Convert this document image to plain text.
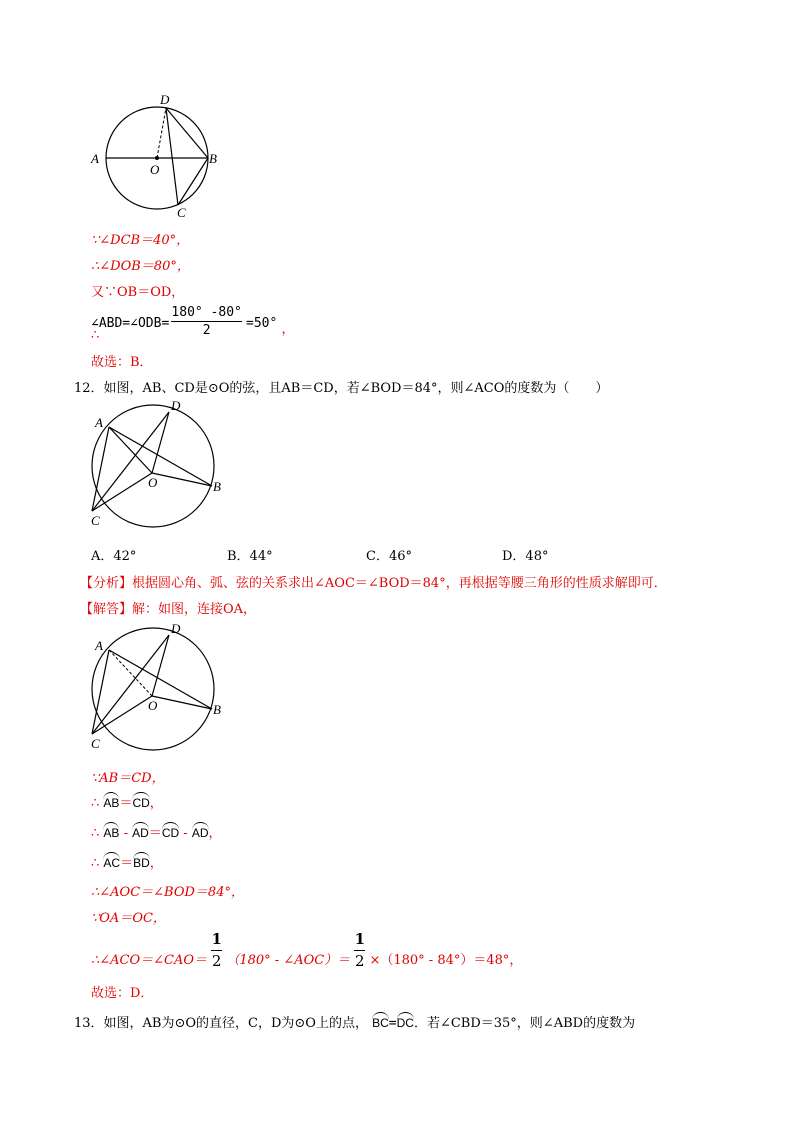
D
A
O
B
C
∵∠DCB＝40°，
∴∠DOB＝80°，
又∵OB＝OD，
∠ABD=∠ODB= $\frac{180^\circ -80^\circ}{2} =50^\circ$ ，
∴
故选：B．
12．如图，AB、CD是⊙O的弦，且AB＝CD，若∠BOD＝84°，则∠ACO的度数为（　　）
A
D
O	B
C
A．42°	B．44°	C．46°	D．48°
【分析】根据圆心角、弧、弦的关系求出∠AOC＝∠BOD＝84°，再根据等腰三角形的性质求解即可．
【解答】解：如图，连接OA，
A
D
O	B
C
∵AB＝CD，
∴ AB＝CD，
∴ AB - AD＝CD - AD，
∴ AC＝BD，
∴∠AOC＝∠BOD＝84°，
∵OA＝OC，
∴∠ACO＝∠CAO＝ $\frac{1}{2} (180^\circ$ - ∠AOC）＝ $\frac{1}{2} \times(180^\circ - 84^\circ)=48^\circ$，
故选：D．
13．如图，AB为⊙O的直径，C，D为⊙O上的点， BC=DC．若∠CBD＝35°，则∠ABD的度数为
